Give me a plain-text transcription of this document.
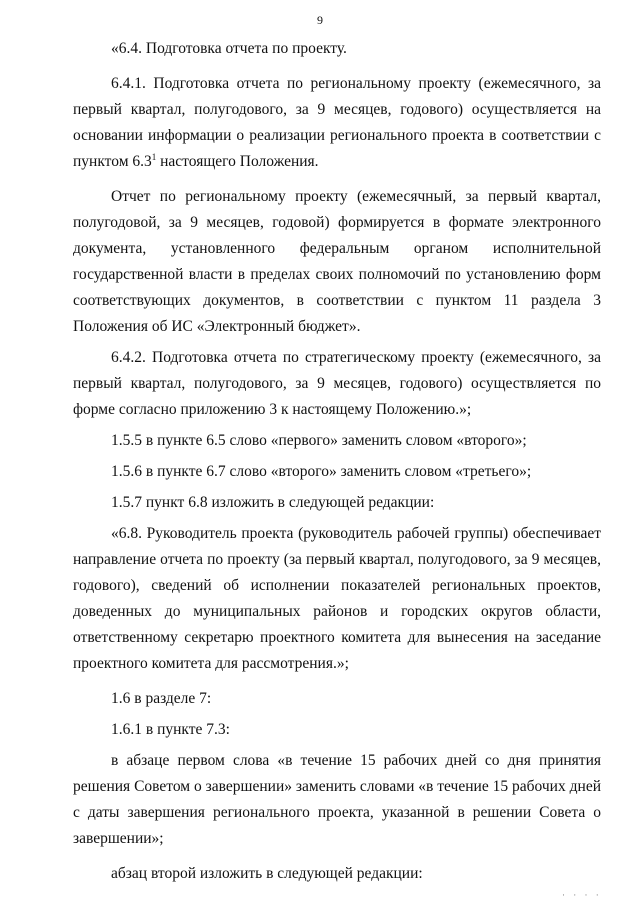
9

«6.4. Подготовка отчета по проекту.

6.4.1. Подготовка отчета по региональному проекту (ежемесячного, за первый квартал, полугодового, за 9 месяцев, годового) осуществляется на основании информации о реализации регионального проекта в соответствии с пунктом $6.3^1$ настоящего Положения.

Отчет по региональному проекту (ежемесячный, за первый квартал, полугодовой, за 9 месяцев, годовой) формируется в формате электронного документа, установленного федеральным органом исполнительной государственной власти в пределах своих полномочий по установлению форм соответствующих документов, в соответствии с пунктом 11 раздела 3 Положения об ИС «Электронный бюджет».

6.4.2. Подготовка отчета по стратегическому проекту (ежемесячного, за первый квартал, полугодового, за 9 месяцев, годового) осуществляется по форме согласно приложению 3 к настоящему Положению.»;

1.5.5 в пункте 6.5 слово «первого» заменить словом «второго»;

1.5.6 в пункте 6.7 слово «второго» заменить словом «третьего»;

1.5.7 пункт 6.8 изложить в следующей редакции:

«6.8. Руководитель проекта (руководитель рабочей группы) обеспечивает направление отчета по проекту (за первый квартал, полугодового, за 9 месяцев, годового), сведений об исполнении показателей региональных проектов, доведенных до муниципальных районов и городских округов области, ответственному секретарю проектного комитета для вынесения на заседание проектного комитета для рассмотрения.»;

1.6 в разделе 7:

1.6.1 в пункте 7.3:

в абзаце первом слова «в течение 15 рабочих дней со дня принятия решения Советом о завершении» заменить словами «в течение 15 рабочих дней с даты завершения регионального проекта, указанной в решении Совета о завершении»;

абзац второй изложить в следующей редакции:

· · · ·
